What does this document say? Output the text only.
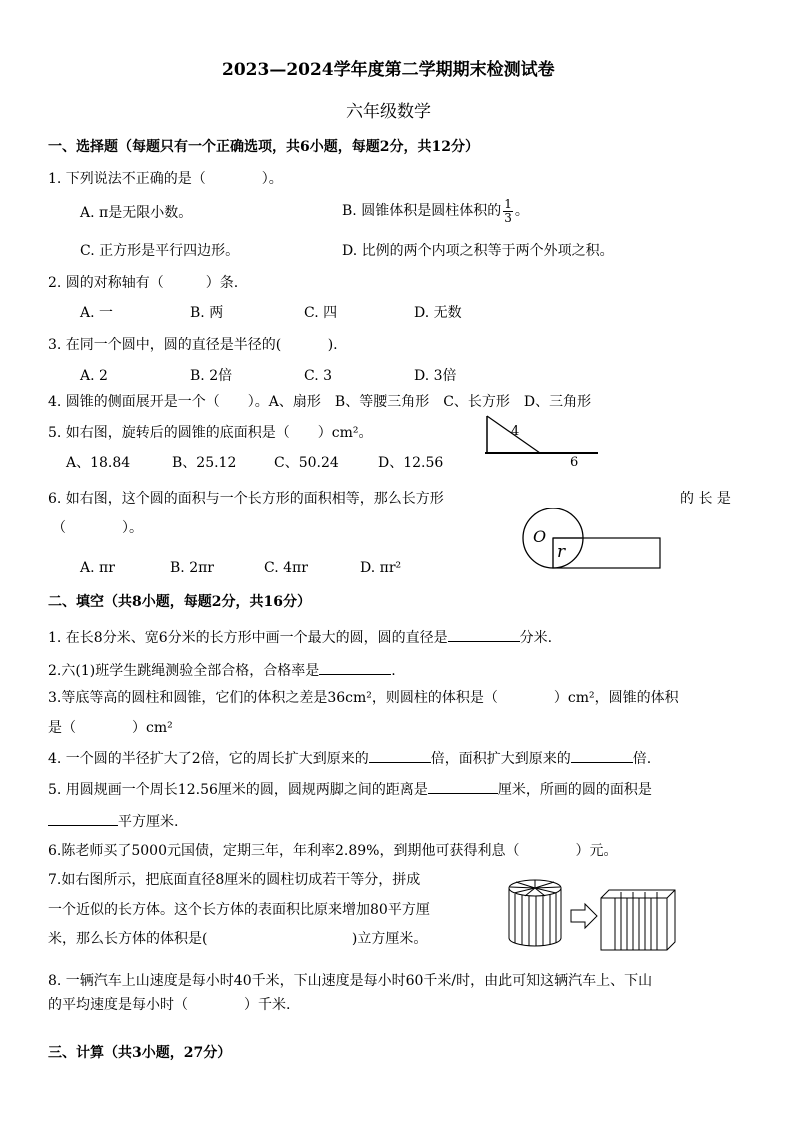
2023—2024学年度第二学期期末检测试卷
六年级数学
一、选择题（每题只有一个正确选项，共6小题，每题2分，共12分）
1. 下列说法不正确的是（　　　　）。
A. π是无限小数。	B. 圆锥体积是圆柱体积的 $\frac{1}{3}$ 。
C. 正方形是平行四边形。	D. 比例的两个内项之积等于两个外项之积。
2. 圆的对称轴有（　　　）条.
A. 一	B. 两	C. 四	D. 无数
3. 在同一个圆中，圆的直径是半径的(　　　 ).
A. 2	B. 2倍	C. 3	D. 3倍
4. 圆锥的侧面展开是一个（　　）。A、扇形　B、等腰三角形　C、长方形　D、三角形
5. 如右图，旋转后的圆锥的底面积是（　　）cm²。
A、18.84	B、25.12	C、50.24	D、12.56
4
6
6. 如右图，这个圆的面积与一个长方形的面积相等，那么长方形	的 长 是
（　　　　）。	O
r
A. πr	B. 2πr	C. 4πr	D. πr²
二、填空（共8小题，每题2分，共16分）
1. 在长8分米、宽6分米的长方形中画一个最大的圆，圆的直径是	分米.
2.六(1)班学生跳绳测验全部合格，合格率是	.
3.等底等高的圆柱和圆锥，它们的体积之差是36cm²，则圆柱的体积是（　　　　）cm²，圆锥的体积
是（　　　　）cm²
4. 一个圆的半径扩大了2倍，它的周长扩大到原来的	倍，面积扩大到原来的	倍.
5. 用圆规画一个周长12.56厘米的圆，圆规两脚之间的距离是	厘米，所画的圆的面积是
平方厘米.
6.陈老师买了5000元国债，定期三年，年利率2.89%，到期他可获得利息（　　　　）元。
7.如右图所示，把底面直径8厘米的圆柱切成若干等分，拼成
一个近似的长方体。这个长方体的表面积比原来增加80平方厘
米，那么长方体的体积是(　　　　　　　　　　 )立方厘米。
8. 一辆汽车上山速度是每小时40千米，下山速度是每小时60千米/时，由此可知这辆汽车上、下山
的平均速度是每小时（　　　　）千米.
三、计算（共3小题，27分）
